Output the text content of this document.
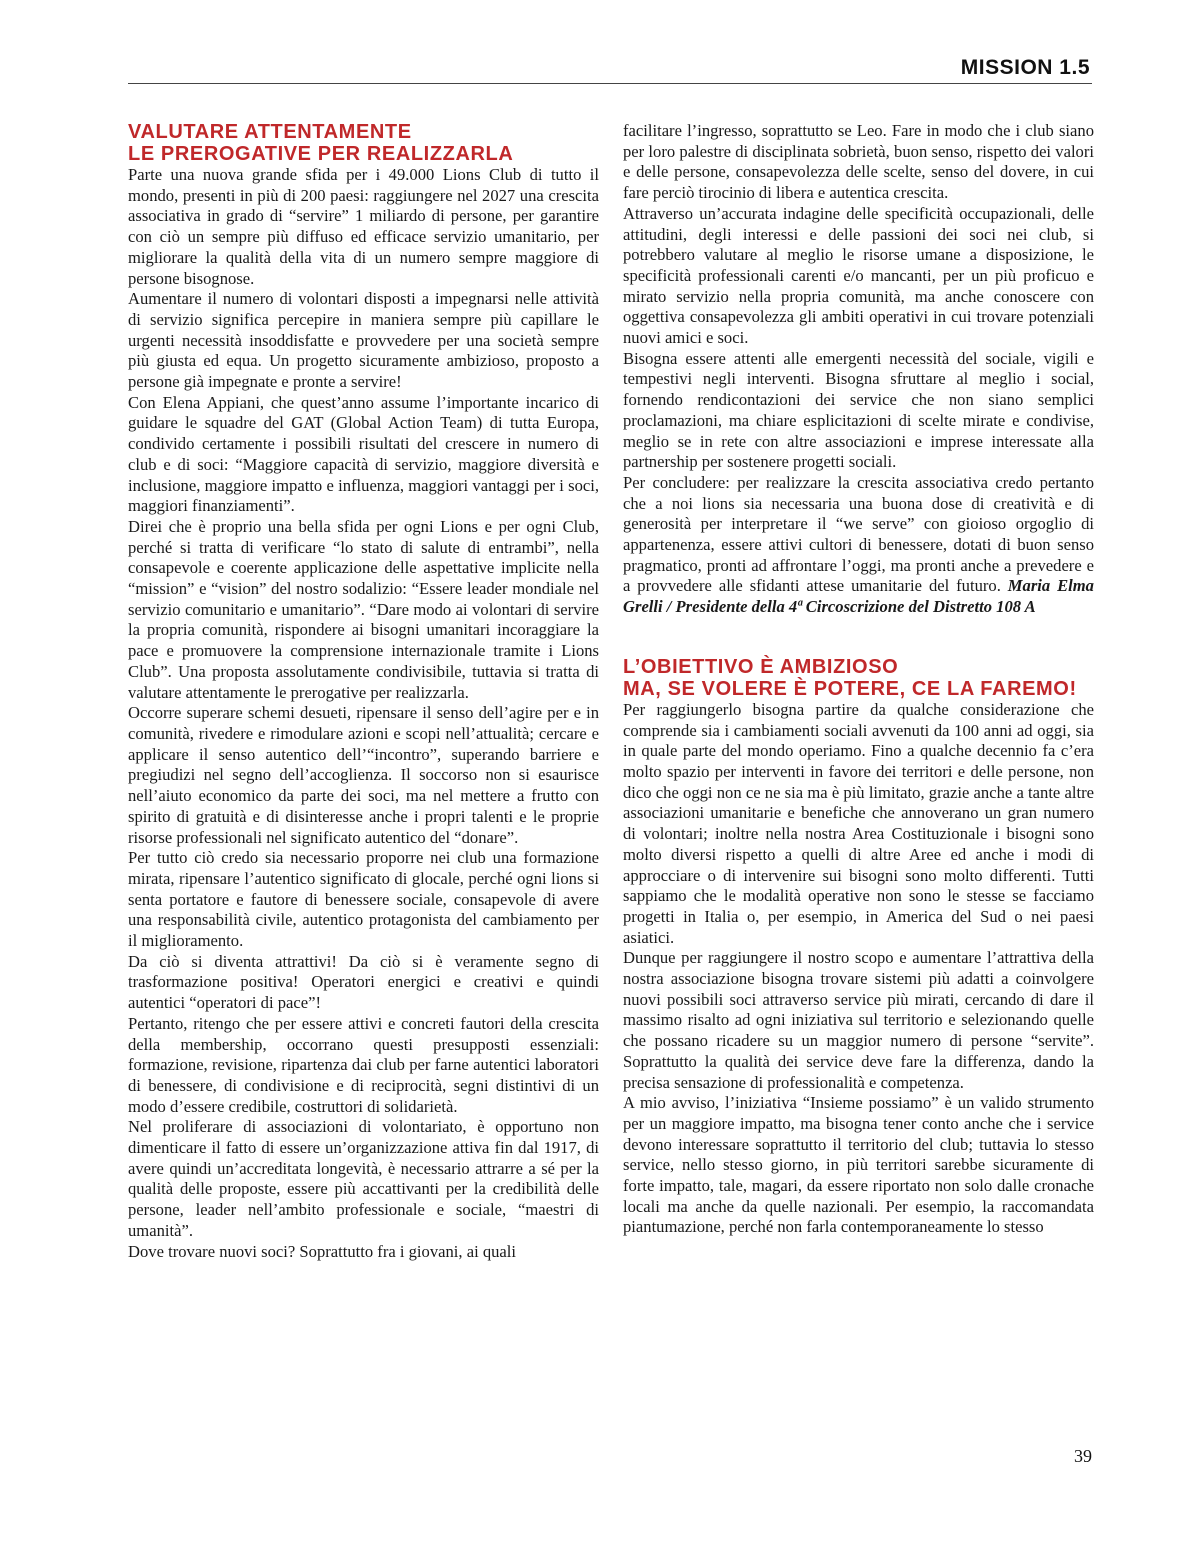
MISSION 1.5
VALUTARE ATTENTAMENTE
LE PREROGATIVE PER REALIZZARLA

Parte una nuova grande sfida per i 49.000 Lions Club di tutto il mondo, presenti in più di 200 paesi: raggiungere nel 2027 una crescita associativa in grado di “servire” 1 miliardo di persone, per garantire con ciò un sempre più diffuso ed efficace servizio umanitario, per migliorare la qualità della vita di un numero sempre maggiore di persone bisognose.

Aumentare il numero di volontari disposti a impegnarsi nelle attività di servizio significa percepire in maniera sempre più capillare le urgenti necessità insoddisfatte e provvedere per una società sempre più giusta ed equa. Un progetto sicuramente ambizioso, proposto a persone già impegnate e pronte a servire!

Con Elena Appiani, che quest’anno assume l’importante incarico di guidare le squadre del GAT (Global Action Team) di tutta Europa, condivido certamente i possibili risultati del crescere in numero di club e di soci: “Maggiore capacità di servizio, maggiore diversità e inclusione, maggiore impatto e influenza, maggiori vantaggi per i soci, maggiori finanziamenti”.

Direi che è proprio una bella sfida per ogni Lions e per ogni Club, perché si tratta di verificare “lo stato di salute di entrambi”, nella consapevole e coerente applicazione delle aspettative implicite nella “mission” e “vision” del nostro sodalizio: “Essere leader mondiale nel servizio comunitario e umanitario”. “Dare modo ai volontari di servire la propria comunità, rispondere ai bisogni umanitari incoraggiare la pace e promuovere la comprensione internazionale tramite i Lions Club”. Una proposta assolutamente condivisibile, tuttavia si tratta di valutare attentamente le prerogative per realizzarla.

Occorre superare schemi desueti, ripensare il senso dell’agire per e in comunità, rivedere e rimodulare azioni e scopi nell’attualità; cercare e applicare il senso autentico dell’“incontro”, superando barriere e pregiudizi nel segno dell’accoglienza. Il soccorso non si esaurisce nell’aiuto economico da parte dei soci, ma nel mettere a frutto con spirito di gratuità e di disinteresse anche i propri talenti e le proprie risorse professionali nel significato autentico del “donare”.

Per tutto ciò credo sia necessario proporre nei club una formazione mirata, ripensare l’autentico significato di glocale, perché ogni lions si senta portatore e fautore di benessere sociale, consapevole di avere una responsabilità civile, autentico protagonista del cambiamento per il miglioramento.

Da ciò si diventa attrattivi! Da ciò si è veramente segno di trasformazione positiva! Operatori energici e creativi e quindi autentici “operatori di pace”!

Pertanto, ritengo che per essere attivi e concreti fautori della crescita della membership, occorrano questi presupposti essenziali: formazione, revisione, ripartenza dai club per farne autentici laboratori di benessere, di condivisione e di reciprocità, segni distintivi di un modo d’essere credibile, costruttori di solidarietà.

Nel proliferare di associazioni di volontariato, è opportuno non dimenticare il fatto di essere un’organizzazione attiva fin dal 1917, di avere quindi un’accreditata longevità, è necessario attrarre a sé per la qualità delle proposte, essere più accattivanti per la credibilità delle persone, leader nell’ambito professionale e sociale, “maestri di umanità”.

Dove trovare nuovi soci? Soprattutto fra i giovani, ai quali

facilitare l’ingresso, soprattutto se Leo. Fare in modo che i club siano per loro palestre di disciplinata sobrietà, buon senso, rispetto dei valori e delle persone, consapevolezza delle scelte, senso del dovere, in cui fare perciò tirocinio di libera e autentica crescita.

Attraverso un’accurata indagine delle specificità occupazionali, delle attitudini, degli interessi e delle passioni dei soci nei club, si potrebbero valutare al meglio le risorse umane a disposizione, le specificità professionali carenti e/o mancanti, per un più proficuo e mirato servizio nella propria comunità, ma anche conoscere con oggettiva consapevolezza gli ambiti operativi in cui trovare potenziali nuovi amici e soci.

Bisogna essere attenti alle emergenti necessità del sociale, vigili e tempestivi negli interventi. Bisogna sfruttare al meglio i social, fornendo rendicontazioni dei service che non siano semplici proclamazioni, ma chiare esplicitazioni di scelte mirate e condivise, meglio se in rete con altre associazioni e imprese interessate alla partnership per sostenere progetti sociali.

Per concludere: per realizzare la crescita associativa credo pertanto che a noi lions sia necessaria una buona dose di creatività e di generosità per interpretare il “we serve” con gioioso orgoglio di appartenenza, essere attivi cultori di benessere, dotati di buon senso pragmatico, pronti ad affrontare l’oggi, ma pronti anche a prevedere e a provvedere alle sfidanti attese umanitarie del futuro. Maria Elma Grelli / Presidente della 4ª Circoscrizione del Distretto 108 A

L’OBIETTIVO È AMBIZIOSO
MA, SE VOLERE È POTERE, CE LA FAREMO!

Per raggiungerlo bisogna partire da qualche considerazione che comprende sia i cambiamenti sociali avvenuti da 100 anni ad oggi, sia in quale parte del mondo operiamo. Fino a qualche decennio fa c’era molto spazio per interventi in favore dei territori e delle persone, non dico che oggi non ce ne sia ma è più limitato, grazie anche a tante altre associazioni umanitarie e benefiche che annoverano un gran numero di volontari; inoltre nella nostra Area Costituzionale i bisogni sono molto diversi rispetto a quelli di altre Aree ed anche i modi di approcciare o di intervenire sui bisogni sono molto differenti. Tutti sappiamo che le modalità operative non sono le stesse se facciamo progetti in Italia o, per esempio, in America del Sud o nei paesi asiatici.

Dunque per raggiungere il nostro scopo e aumentare l’attrattiva della nostra associazione bisogna trovare sistemi più adatti a coinvolgere nuovi possibili soci attraverso service più mirati, cercando di dare il massimo risalto ad ogni iniziativa sul territorio e selezionando quelle che possano ricadere su un maggior numero di persone “servite”. Soprattutto la qualità dei service deve fare la differenza, dando la precisa sensazione di professionalità e competenza.

A mio avviso, l’iniziativa “Insieme possiamo” è un valido strumento per un maggiore impatto, ma bisogna tener conto anche che i service devono interessare soprattutto il territorio del club; tuttavia lo stesso service, nello stesso giorno, in più territori sarebbe sicuramente di forte impatto, tale, magari, da essere riportato non solo dalle cronache locali ma anche da quelle nazionali. Per esempio, la raccomandata piantumazione, perché non farla contemporaneamente lo stesso

39
